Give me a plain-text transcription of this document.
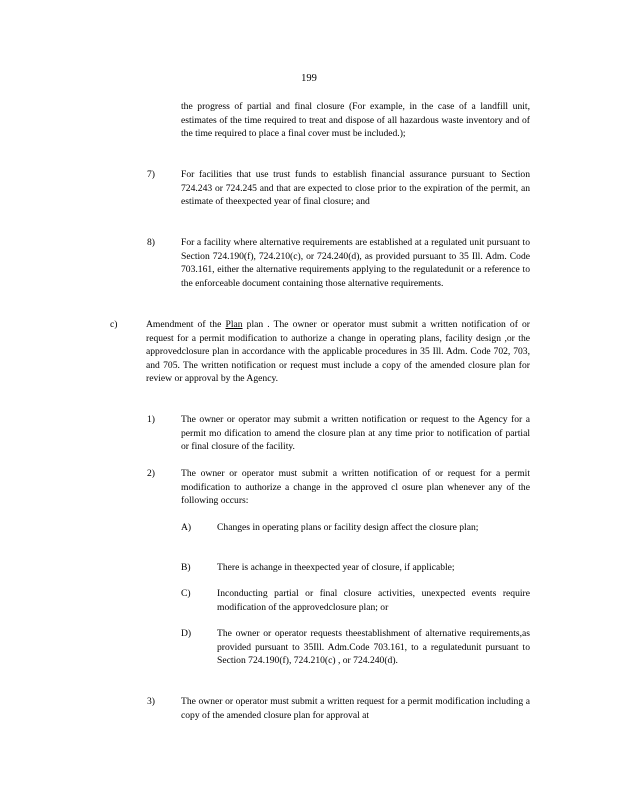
199
the progress of partial and final closure (For example, in the case of a landfill unit, estimates of the time required to treat and dispose of all hazardous waste inventory and of the time required to place a final cover must be included.);
7)	For facilities that use trust funds to establish financial assurance pursuant to Section 724.243 or 724.245 and that are expected to close prior to the expiration of the permit, an estimate of theexpected year of final closure; and
8)	For a facility where alternative requirements are established at a regulated unit pursuant to Section 724.190(f), 724.210(c), or 724.240(d), as provided pursuant to 35 Ill. Adm. Code 703.161, either the alternative requirements applying to the regulatedunit or a reference to the enforceable document containing those alternative requirements.
c)	Amendment of the Plan plan . The owner or operator must submit a written notification of or request for a permit modification to authorize a change in operating plans, facility design ,or the approvedclosure plan in accordance with the applicable procedures in 35 Ill. Adm. Code 702, 703, and 705. The written notification or request must include a copy of the amended closure plan for review or approval by the Agency.
1)	The owner or operator may submit a written notification or request to the Agency for a permit mo dification to amend the closure plan at any time prior to notification of partial or final closure of the facility.
2)	The owner or operator must submit a written notification of or request for a permit modification to authorize a change in the approved cl osure plan whenever any of the following occurs:
A)	Changes in operating plans or facility design affect the closure plan;
B)	There is achange in theexpected year of closure, if applicable;
C)	Inconducting partial or final closure activities, unexpected events require modification of the approvedclosure plan; or
D)	The owner or operator requests theestablishment of alternative requirements,as provided pursuant to 35Ill. Adm.Code 703.161, to a regulatedunit pursuant to Section 724.190(f), 724.210(c) , or 724.240(d).
3)	The owner or operator must submit a written request for a permit modification including a copy of the amended closure plan for approval at
